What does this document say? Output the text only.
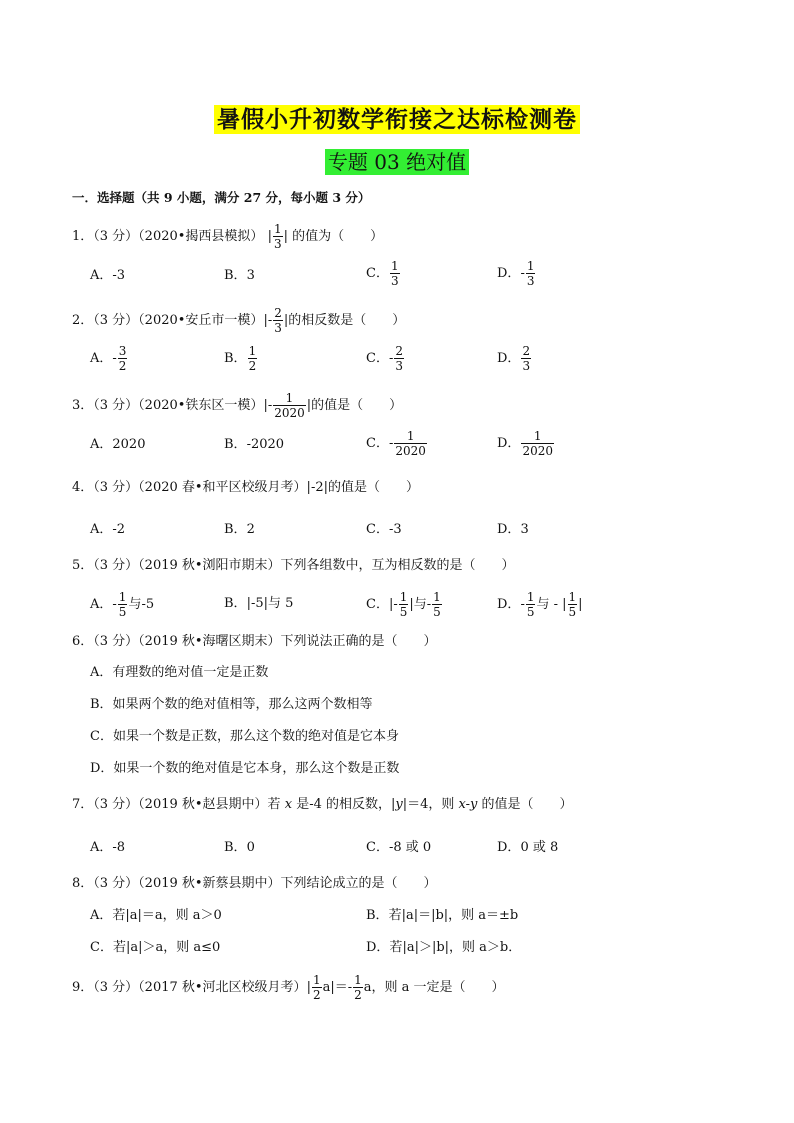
暑假小升初数学衔接之达标检测卷
专题 03 绝对值
一．选择题（共 9 小题，满分 27 分，每小题 3 分）
1．（3 分）（2020•揭西县模拟） | $\frac{1}{3}$ | 的值为（　　）
A．-3	B．3	C． $\frac{1}{3}$	D．- $\frac{1}{3}$
2．（3 分）（2020•安丘市一模）|- $\frac{2}{3}$ |的相反数是（　　）
A．- $\frac{3}{2}$	B． $\frac{1}{2}$	C．- $\frac{2}{3}$	D． $\frac{2}{3}$
3．（3 分）（2020•铁东区一模）|- $\frac{1}{2020}$ |的值是（　　）
A．2020	B．-2020	C．- $\frac{1}{2020}$	D． $\frac{1}{2020}$
4．（3 分）（2020 春•和平区校级月考）|-2|的值是（　　）
A．-2	B．2	C．-3	D．3
5．（3 分）（2019 秋•浏阳市期末）下列各组数中，互为相反数的是（　　）
A．- $\frac{1}{5}$ 与-5	B．|-5|与 5	C．|- $\frac{1}{5}$ |与- $\frac{1}{5}$	D．- $\frac{1}{5}$ 与 - | $\frac{1}{5}$ |
6．（3 分）（2019 秋•海曙区期末）下列说法正确的是（　　）
A．有理数的绝对值一定是正数
B．如果两个数的绝对值相等，那么这两个数相等
C．如果一个数是正数，那么这个数的绝对值是它本身
D．如果一个数的绝对值是它本身，那么这个数是正数
7．（3 分）（2019 秋•赵县期中）若 x 是-4 的相反数，|y|＝4，则 x-y 的值是（　　）
A．-8	B．0	C．-8 或 0	D．0 或 8
8．（3 分）（2019 秋•新蔡县期中）下列结论成立的是（　　）
A．若|a|＝a，则 a＞0	B．若|a|＝|b|，则 a＝±b
C．若|a|＞a，则 a≤0	D．若|a|＞|b|，则 a＞b．
9．（3 分）（2017 秋•河北区校级月考）| $\frac{1}{2} a|=- \frac{1}{2}$ a，则 a 一定是（　　）
